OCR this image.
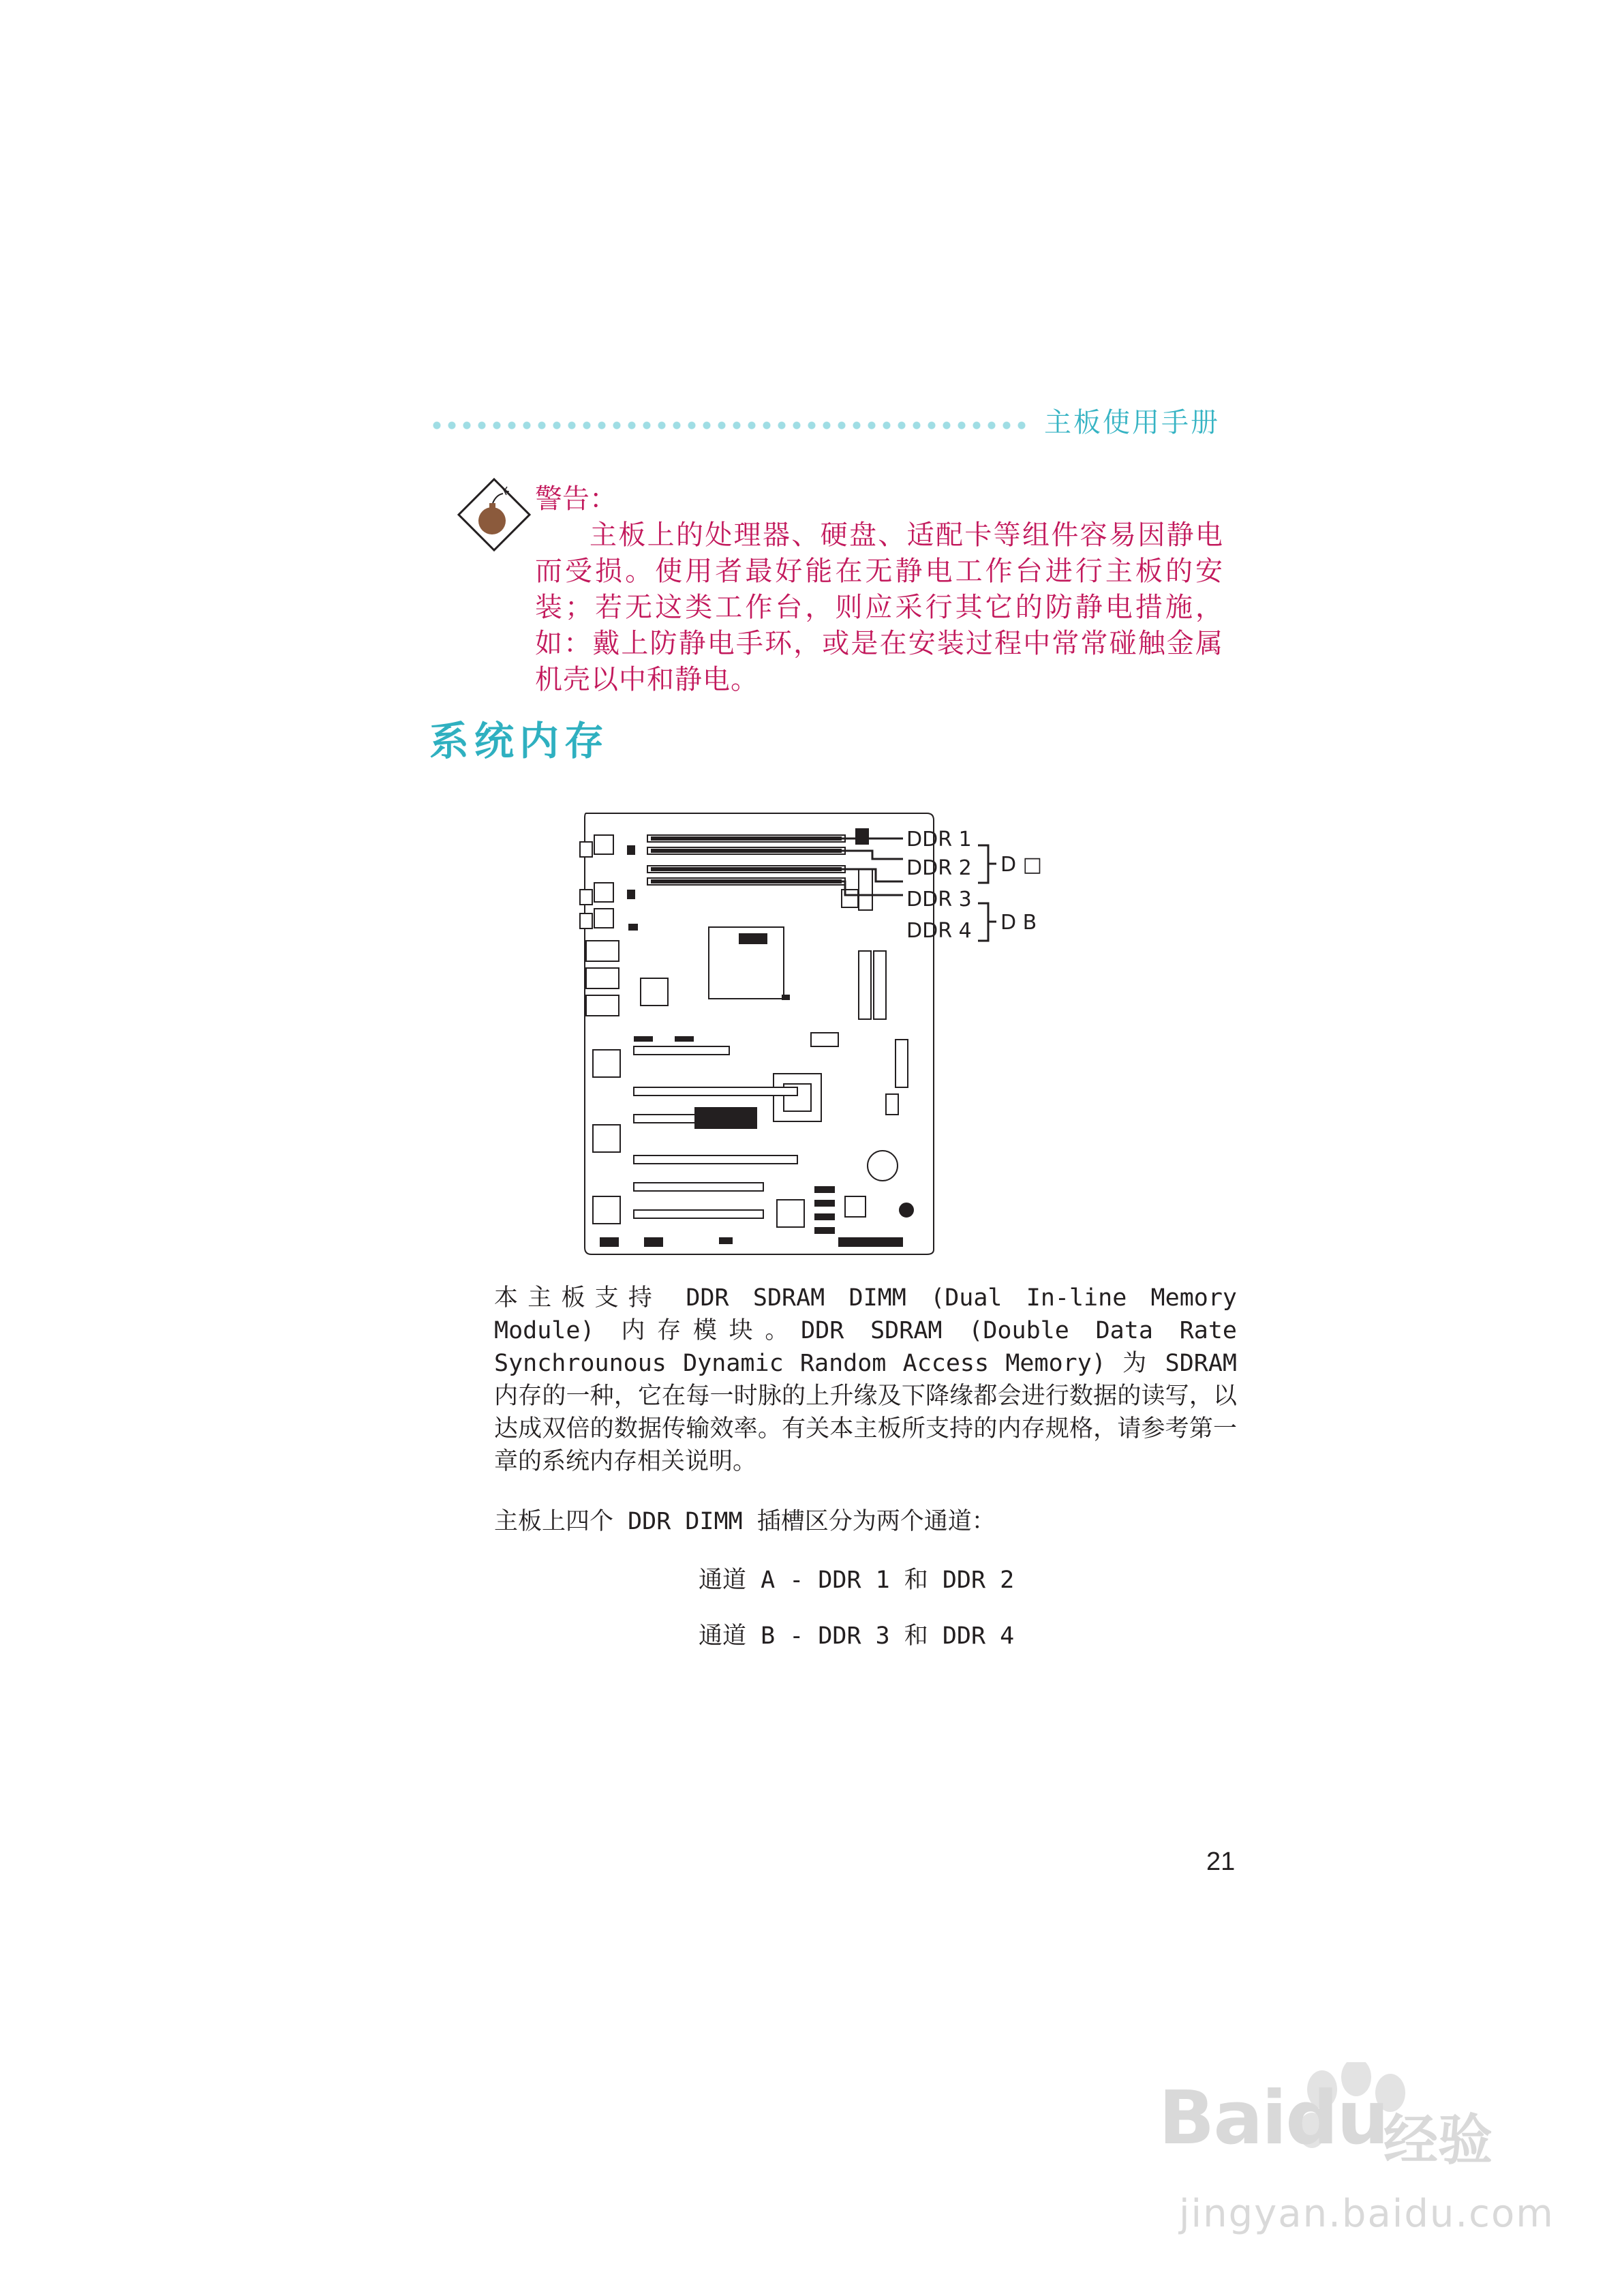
主板使用手册
警告：
主板上的处理器、硬盘、适配卡等组件容易因静电而受损。使用者最好能在无静电工作台进行主板的安装；若无这类工作台，则应采行其它的防静电措施，如：戴上防静电手环，或是在安装过程中常常碰触金属机壳以中和静电。
系统内存
DDR 1
DDR 2
DDR 3
DDR 4
D □
D B
本主板支持 DDR SDRAM DIMM (Dual In-line Memory Module) 内存模块。DDR SDRAM (Double Data Rate Synchrounous Dynamic Random Access Memory) 为 SDRAM 内存的一种，它在每一时脉的上升缘及下降缘都会进行数据的读写，以达成双倍的数据传输效率。有关本主板所支持的内存规格，请参考第一章的系统内存相关说明。
主板上四个 DDR DIMM 插槽区分为两个通道：
通道 A - DDR 1 和 DDR 2
通道 B - DDR 3 和 DDR 4
21
Baidu
经验
jingyan.baidu.com
